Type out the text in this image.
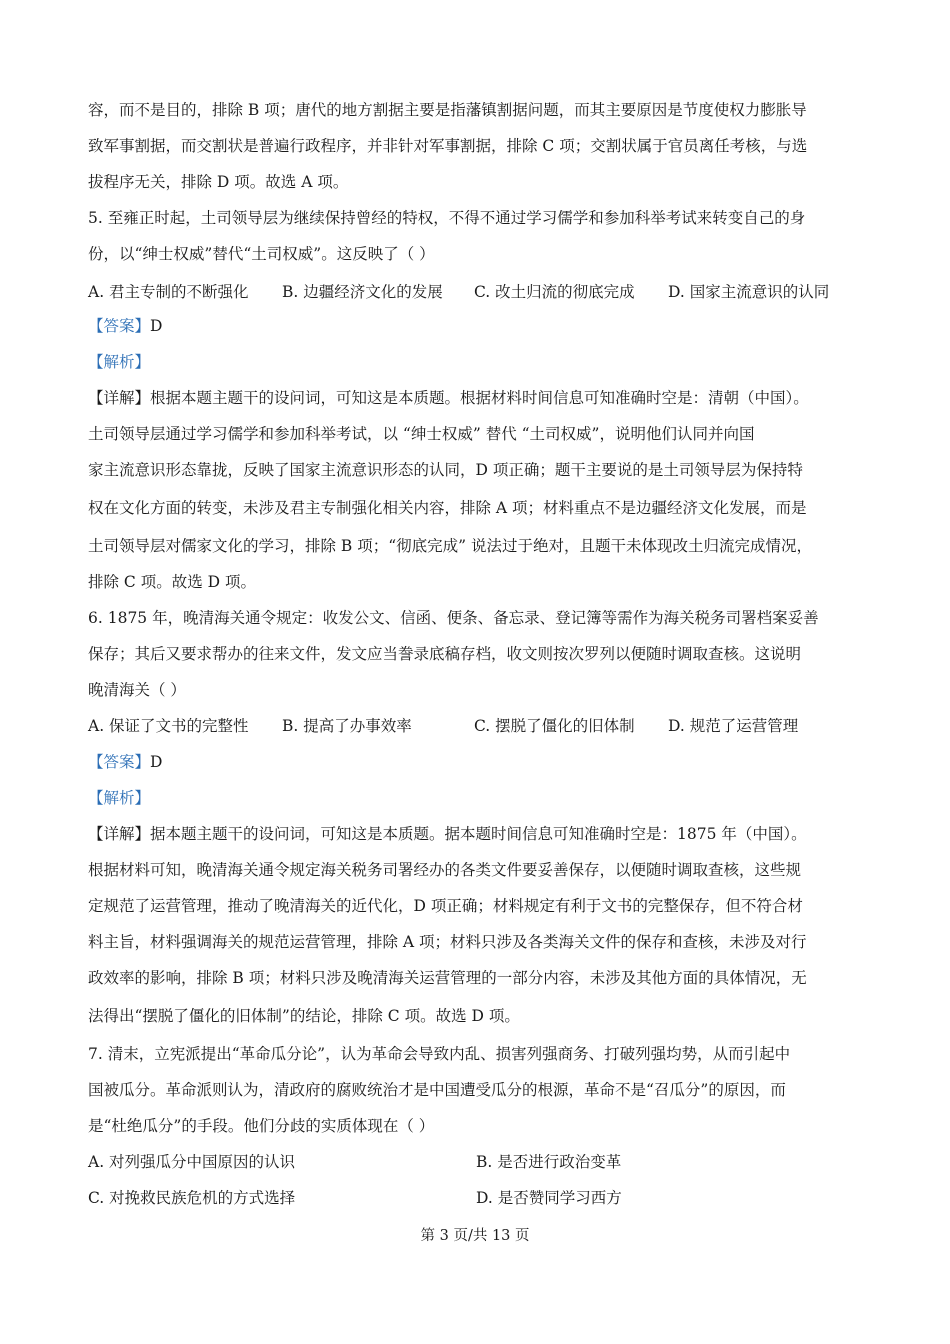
容，而不是目的，排除 B 项；唐代的地方割据主要是指藩镇割据问题，而其主要原因是节度使权力膨胀导
致军事割据，而交割状是普遍行政程序，并非针对军事割据，排除 C 项；交割状属于官员离任考核，与选
拔程序无关，排除 D 项。故选 A 项。
5. 至雍正时起，土司领导层为继续保持曾经的特权，不得不通过学习儒学和参加科举考试来转变自己的身
份，以“绅士权威”替代“土司权威”。这反映了（ ）
A. 君主专制的不断强化 B. 边疆经济文化的发展 C. 改土归流的彻底完成 D. 国家主流意识的认同
【答案】D
【解析】
【详解】根据本题主题干的设问词，可知这是本质题。根据材料时间信息可知准确时空是：清朝（中国）。
土司领导层通过学习儒学和参加科举考试，以 “绅士权威” 替代 “土司权威”，说明他们认同并向国
家主流意识形态靠拢，反映了国家主流意识形态的认同，D 项正确；题干主要说的是土司领导层为保持特
权在文化方面的转变，未涉及君主专制强化相关内容，排除 A 项；材料重点不是边疆经济文化发展，而是
土司领导层对儒家文化的学习，排除 B 项；“彻底完成” 说法过于绝对，且题干未体现改土归流完成情况，
排除 C 项。故选 D 项。
6. 1875 年，晚清海关通令规定：收发公文、信函、便条、备忘录、登记簿等需作为海关税务司署档案妥善
保存；其后又要求帮办的往来文件，发文应当誊录底稿存档，收文则按次罗列以便随时调取查核。这说明
晚清海关（ ）
A. 保证了文书的完整性 B. 提高了办事效率	C. 摆脱了僵化的旧体制 D. 规范了运营管理
【答案】D
【解析】
【详解】据本题主题干的设问词，可知这是本质题。据本题时间信息可知准确时空是：1875 年（中国）。
根据材料可知，晚清海关通令规定海关税务司署经办的各类文件要妥善保存，以便随时调取查核，这些规
定规范了运营管理，推动了晚清海关的近代化，D 项正确；材料规定有利于文书的完整保存，但不符合材
料主旨，材料强调海关的规范运营管理，排除 A 项；材料只涉及各类海关文件的保存和查核，未涉及对行
政效率的影响，排除 B 项；材料只涉及晚清海关运营管理的一部分内容，未涉及其他方面的具体情况，无
法得出“摆脱了僵化的旧体制”的结论，排除 C 项。故选 D 项。
7. 清末，立宪派提出“革命瓜分论”，认为革命会导致内乱、损害列强商务、打破列强均势，从而引起中
国被瓜分。革命派则认为，清政府的腐败统治才是中国遭受瓜分的根源，革命不是“召瓜分”的原因，而
是“杜绝瓜分”的手段。他们分歧的实质体现在（ ）
A. 对列强瓜分中国原因的认识	B. 是否进行政治变革
C. 对挽救民族危机的方式选择	D. 是否赞同学习西方
第 3 页/共 13 页
